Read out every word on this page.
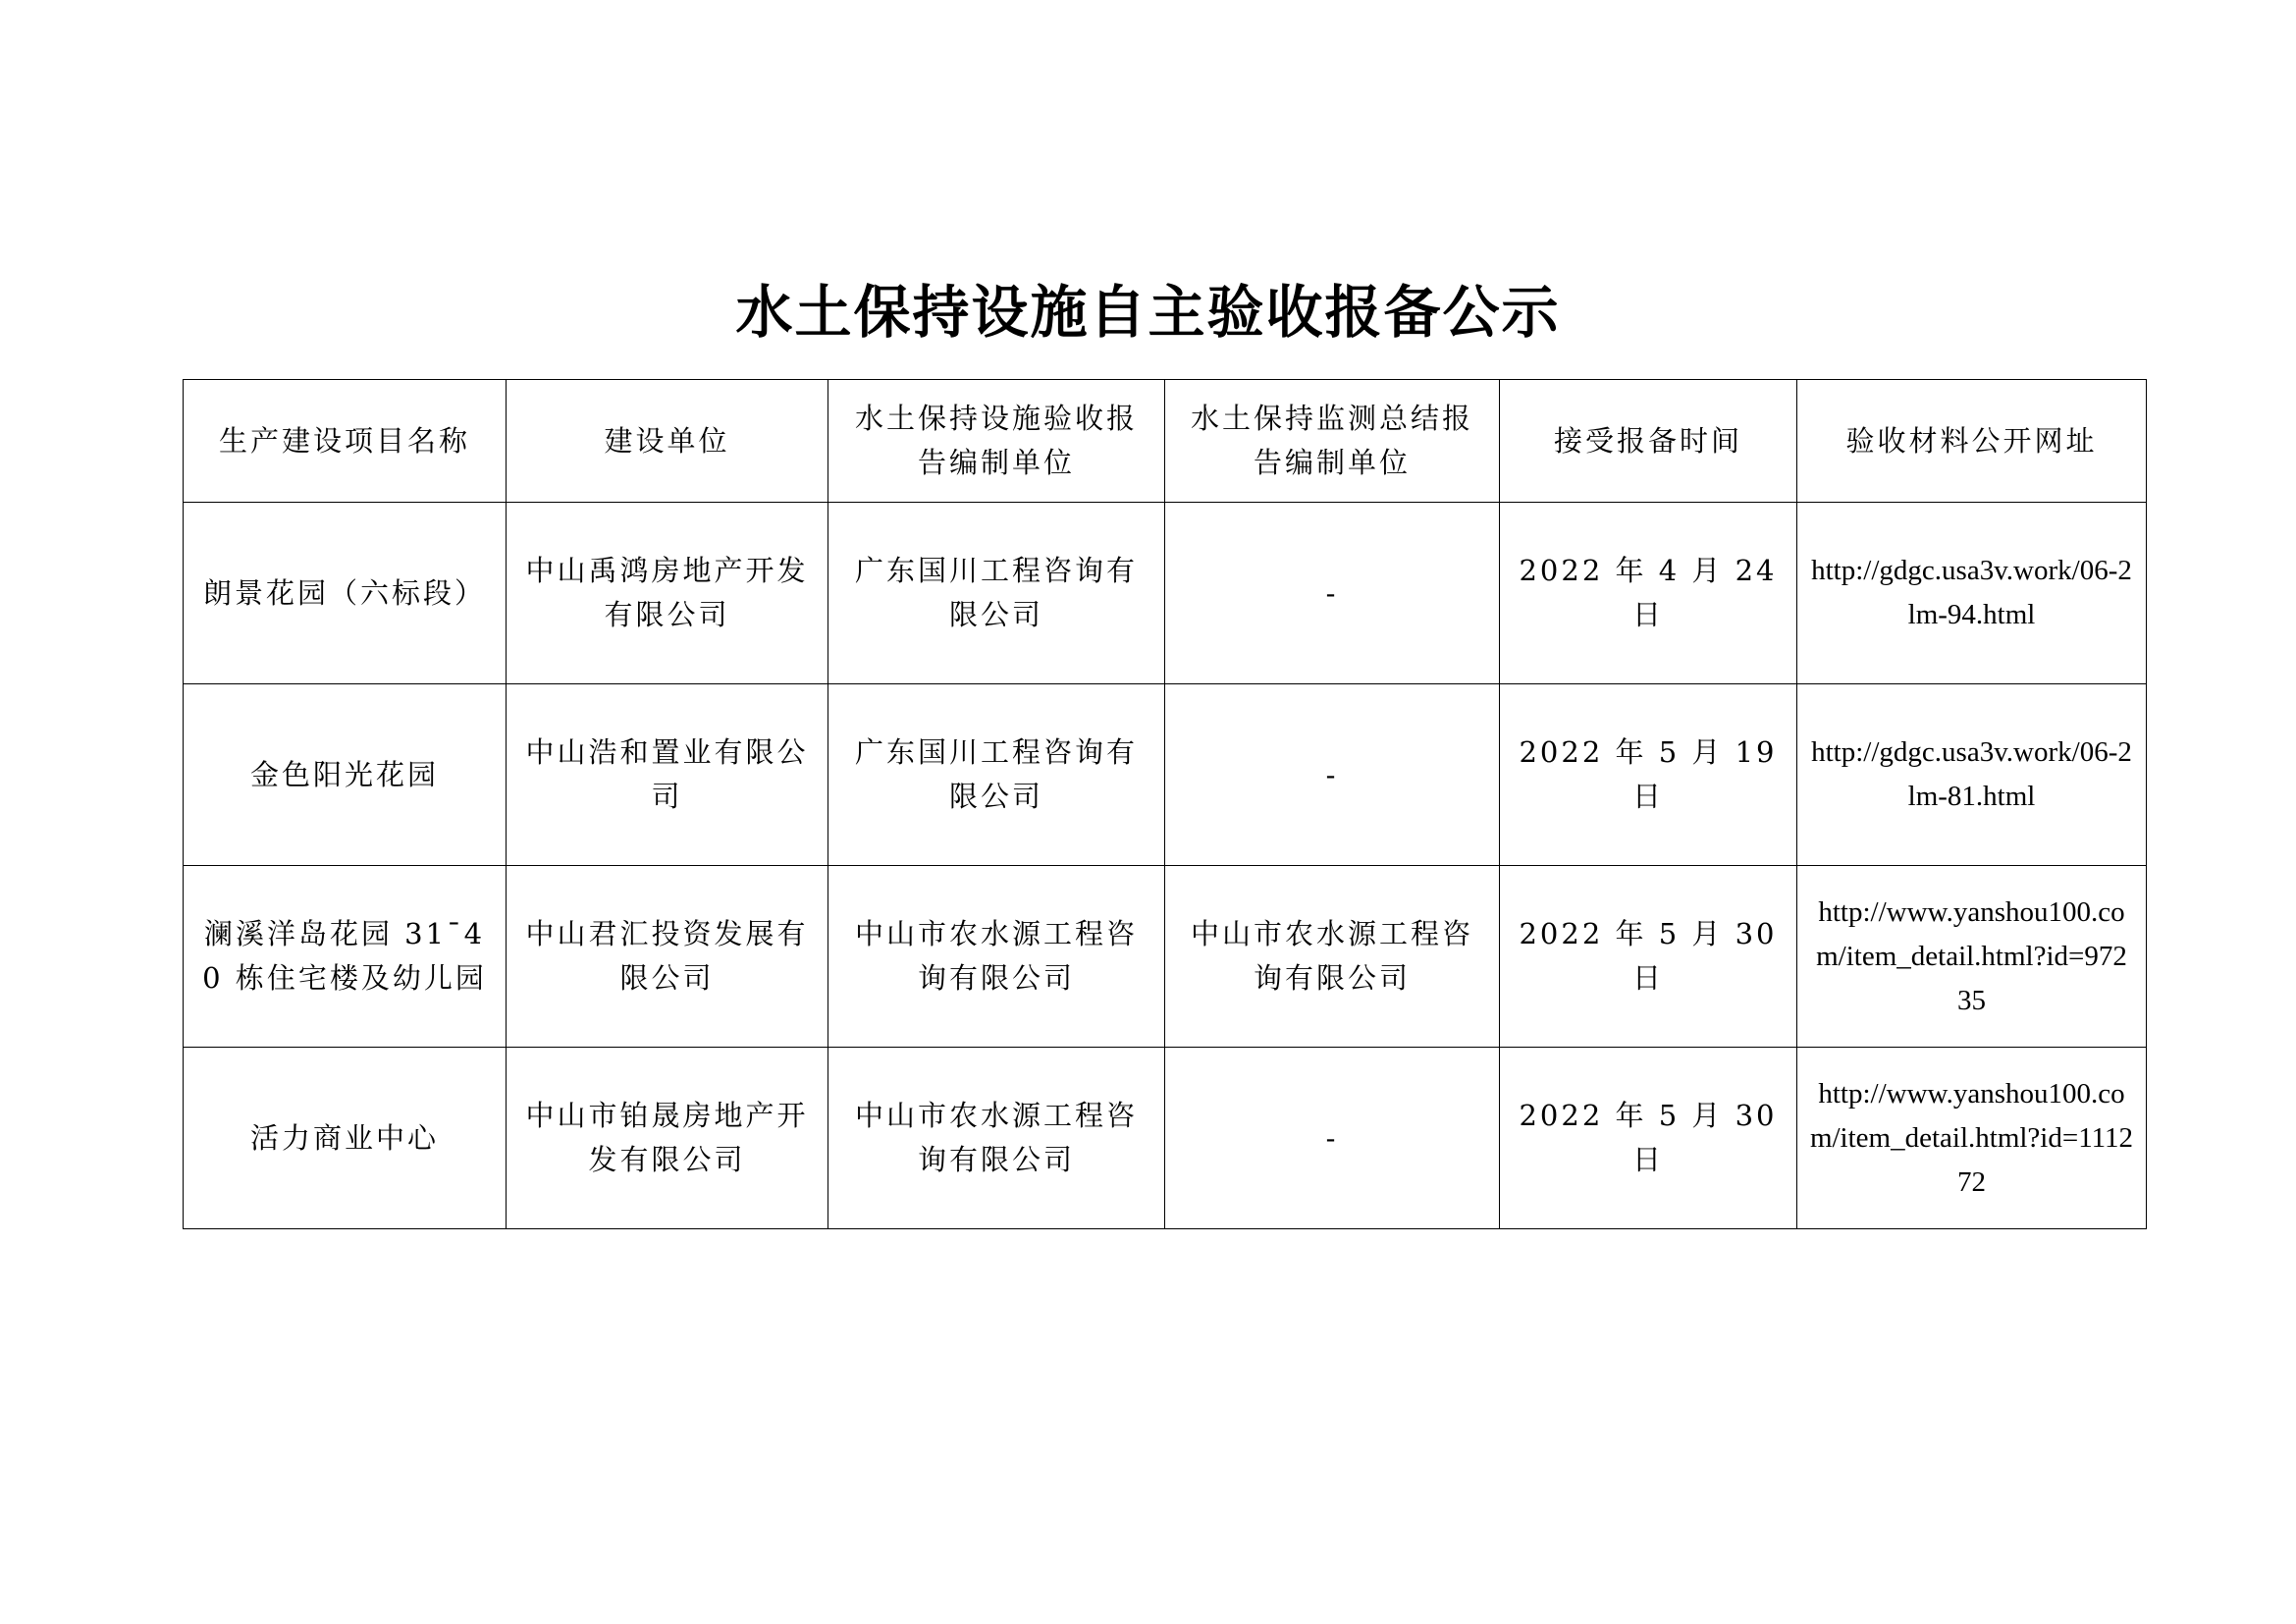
水土保持设施自主验收报备公示
生产建设项目名称	建设单位	水土保持设施验收报告编制单位	水土保持监测总结报告编制单位	接受报备时间	验收材料公开网址
朗景花园（六标段）	中山禹鸿房地产开发有限公司	广东国川工程咨询有限公司	-	2022 年 4 月 24 日	http://gdgc.usa3v.work/06-2lm-94.html
金色阳光花园	中山浩和置业有限公司	广东国川工程咨询有限公司	-	2022 年 5 月 19 日	http://gdgc.usa3v.work/06-2lm-81.html
澜溪洋岛花园 31¯40 栋住宅楼及幼儿园	中山君汇投资发展有限公司	中山市农水源工程咨询有限公司	中山市农水源工程咨询有限公司	2022 年 5 月 30 日	http://www.yanshou100.com/item_detail.html?id=97235
活力商业中心	中山市铂晟房地产开发有限公司	中山市农水源工程咨询有限公司	-	2022 年 5 月 30 日	http://www.yanshou100.com/item_detail.html?id=111272
